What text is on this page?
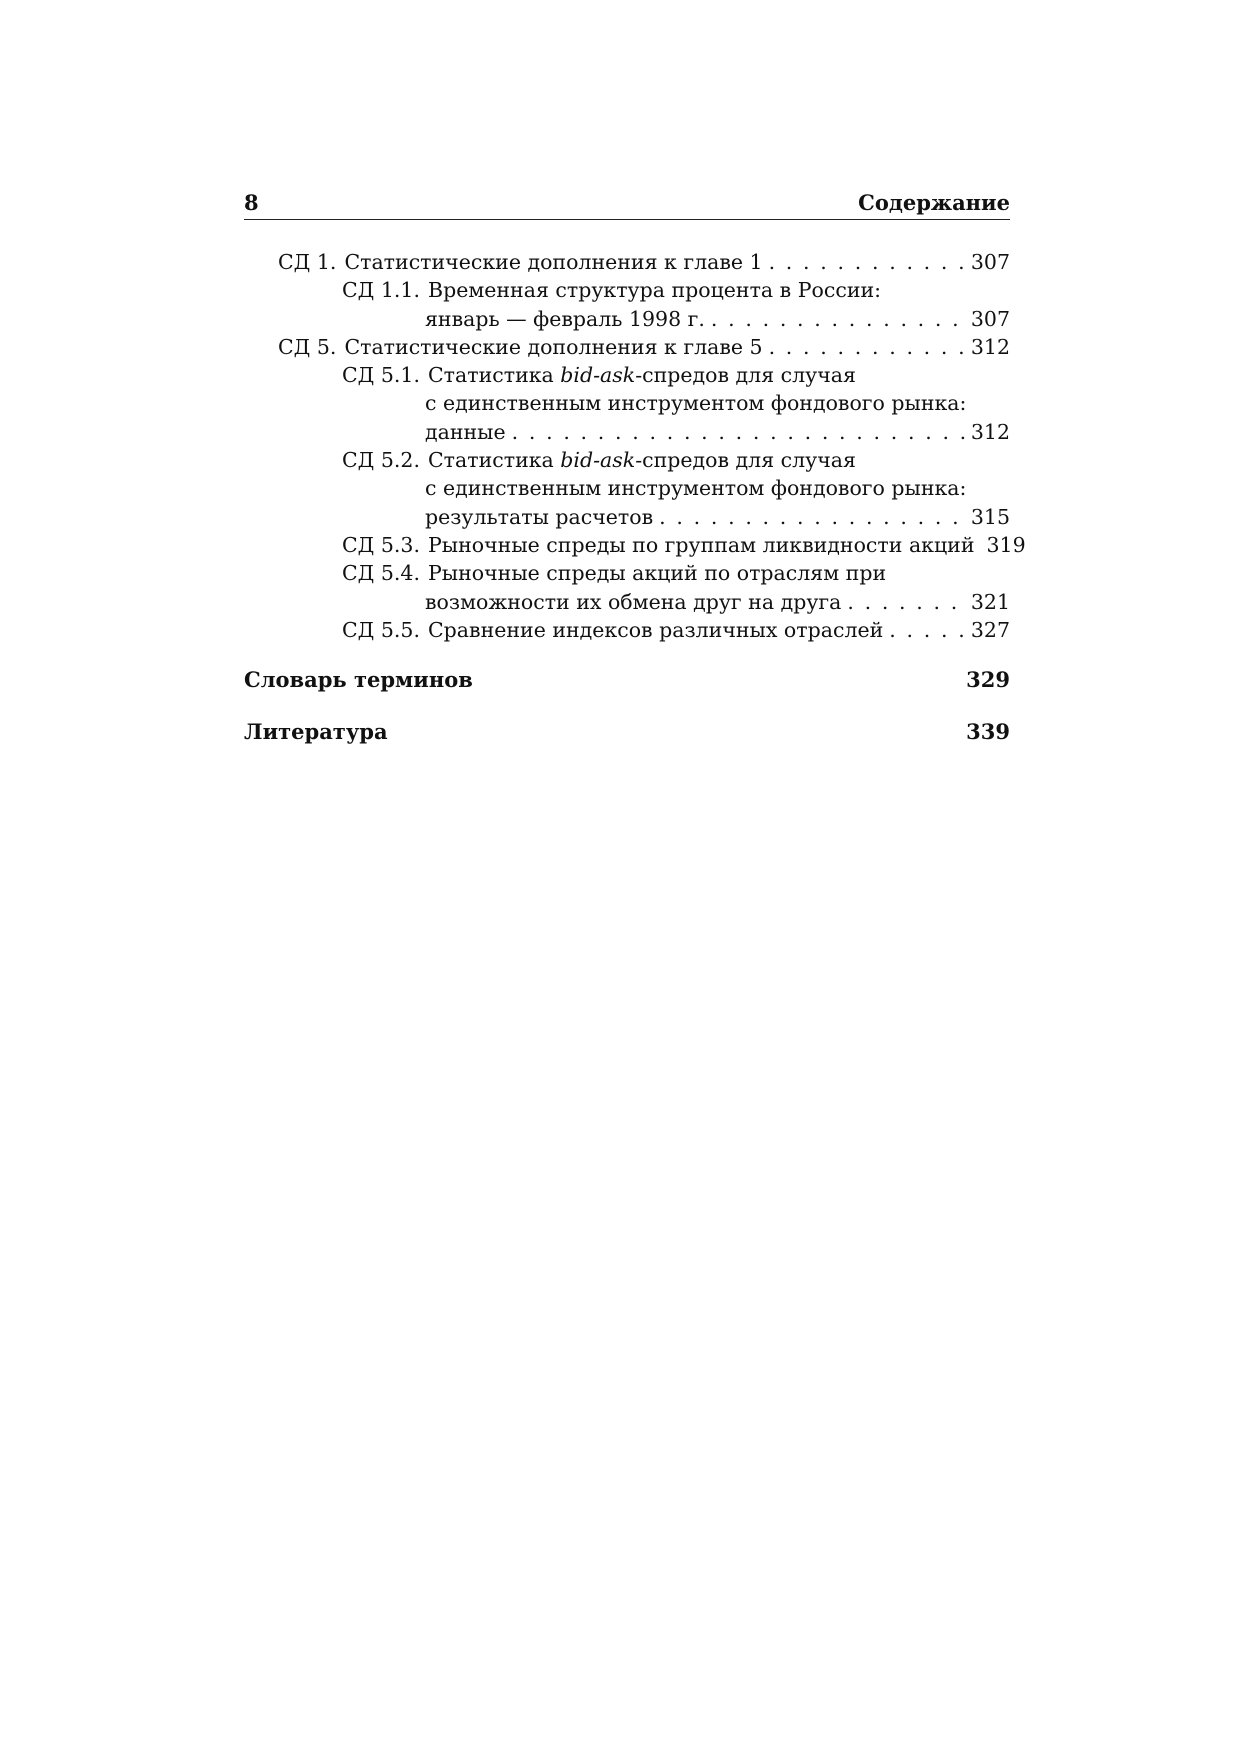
8	Содержание
СД 1. Статистические дополнения к главе 1 . . .	307
СД 1.1. Временная структура процента в России:
январь — февраль 1998 г. . . .	307
СД 5. Статистические дополнения к главе 5 . . .	312
СД 5.1. Статистика bid-ask-спредов для случая
с единственным инструментом фондового рынка:
данные . . .	312
СД 5.2. Статистика bid-ask-спредов для случая
с единственным инструментом фондового рынка:
результаты расчетов . . .	315
СД 5.3. Рыночные спреды по группам ликвидности акций 319
СД 5.4. Рыночные спреды акций по отраслям при
возможности их обмена друг на друга . . .	321
СД 5.5. Сравнение индексов различных отраслей . . .	327
Словарь терминов	329
Литература	339
